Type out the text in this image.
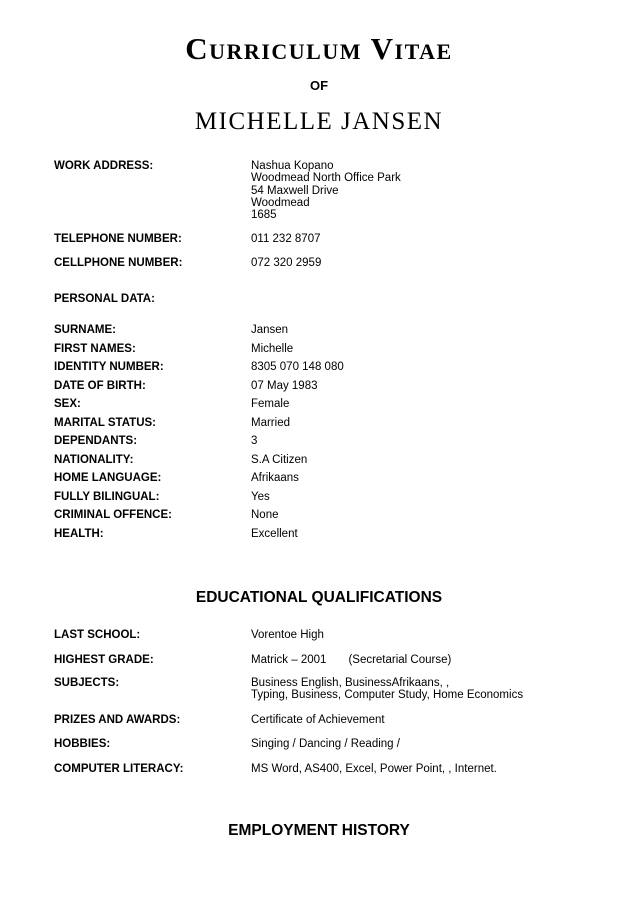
Curriculum Vitae
OF
MICHELLE JANSEN
WORK ADDRESS:	Nashua Kopano
Woodmead North Office Park
54 Maxwell Drive
Woodmead
1685
TELEPHONE NUMBER:	011 232 8707
CELLPHONE NUMBER:	072 320 2959
PERSONAL DATA:
SURNAME:	Jansen
FIRST NAMES:	Michelle
IDENTITY NUMBER:	8305 070 148 080
DATE OF BIRTH:	07 May 1983
SEX:	Female
MARITAL STATUS:	Married
DEPENDANTS:	3
NATIONALITY:	S.A Citizen
HOME LANGUAGE:	Afrikaans
FULLY BILINGUAL:	Yes
CRIMINAL OFFENCE:	None
HEALTH:	Excellent
EDUCATIONAL QUALIFICATIONS
LAST SCHOOL:	Vorentoe High
HIGHEST GRADE:	Matrick – 2001 (Secretarial Course)
SUBJECTS:	Business English, BusinessAfrikaans, ,
Typing, Business, Computer Study, Home Economics
PRIZES AND AWARDS:	Certificate of Achievement
HOBBIES:	Singing / Dancing / Reading /
COMPUTER LITERACY:	MS Word, AS400, Excel, Power Point, , Internet.
EMPLOYMENT HISTORY
